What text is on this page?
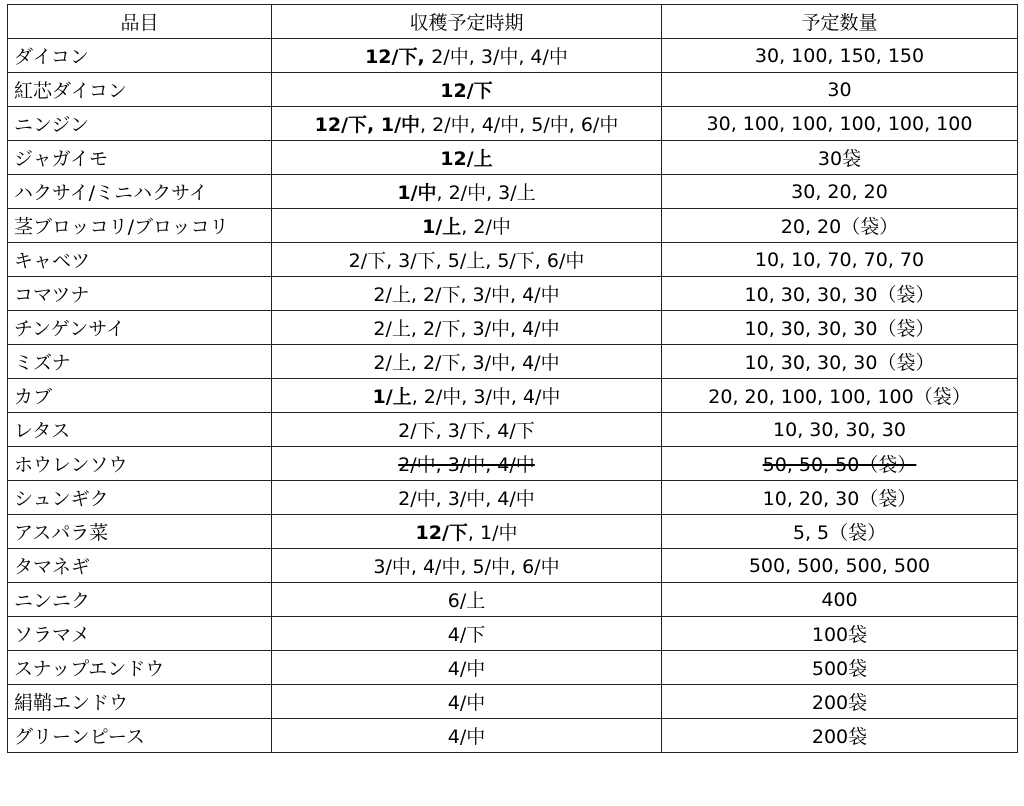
品目	収穫予定時期	予定数量
ダイコン	12/下, 2/中, 3/中, 4/中	30, 100, 150, 150
紅芯ダイコン	12/下	30
ニンジン	12/下, 1/中, 2/中, 4/中, 5/中, 6/中	30, 100, 100, 100, 100, 100
ジャガイモ	12/上	30袋
ハクサイ/ミニハクサイ	1/中, 2/中, 3/上	30, 20, 20
茎ブロッコリ/ブロッコリ	1/上, 2/中	20, 20（袋）
キャベツ	2/下, 3/下, 5/上, 5/下, 6/中	10, 10, 70, 70, 70
コマツナ	2/上, 2/下, 3/中, 4/中	10, 30, 30, 30（袋）
チンゲンサイ	2/上, 2/下, 3/中, 4/中	10, 30, 30, 30（袋）
ミズナ	2/上, 2/下, 3/中, 4/中	10, 30, 30, 30（袋）
カブ	1/上, 2/中, 3/中, 4/中	20, 20, 100, 100, 100（袋）
レタス	2/下, 3/下, 4/下	10, 30, 30, 30
ホウレンソウ	2/中, 3/中, 4/中	50, 50, 50（袋）
シュンギク	2/中, 3/中, 4/中	10, 20, 30（袋）
アスパラ菜	12/下, 1/中	5, 5（袋）
タマネギ	3/中, 4/中, 5/中, 6/中	500, 500, 500, 500
ニンニク	6/上	400
ソラマメ	4/下	100袋
スナップエンドウ	4/中	500袋
絹鞘エンドウ	4/中	200袋
グリーンピース	4/中	200袋
